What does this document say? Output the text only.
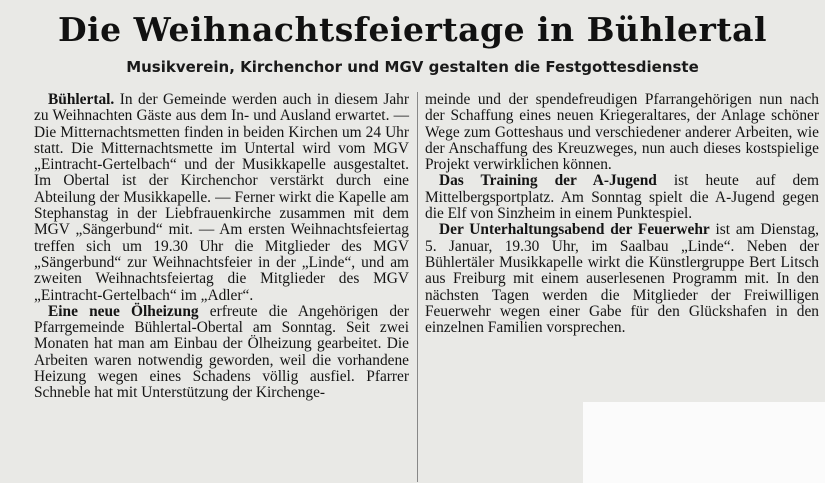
Die Weihnachtsfeiertage in Bühlertal
Musikverein, Kirchenchor und MGV gestalten die Festgottesdienste

Bühlertal. In der Gemeinde werden auch in diesem Jahr zu Weihnachten Gäste aus dem In- und Ausland erwartet. — Die Mitternachtsmetten finden in beiden Kirchen um 24 Uhr statt. Die Mitternachtsmette im Untertal wird vom MGV „Eintracht-Gertelbach“ und der Musikkapelle ausgestaltet. Im Obertal ist der Kirchenchor verstärkt durch eine Abteilung der Musikkapelle. — Ferner wirkt die Kapelle am Stephanstag in der Liebfrauenkirche zusammen mit dem MGV „Sängerbund“ mit. — Am ersten Weihnachtsfeiertag treffen sich um 19.30 Uhr die Mitglieder des MGV „Sängerbund“ zur Weihnachtsfeier in der „Linde“, und am zweiten Weihnachtsfeiertag die Mitglieder des MGV „Eintracht-Gertelbach“ im „Adler“.

Eine neue Ölheizung erfreute die Angehörigen der Pfarrgemeinde Bühlertal-Obertal am Sonntag. Seit zwei Monaten hat man am Einbau der Ölheizung gearbeitet. Die Arbeiten waren notwendig geworden, weil die vorhandene Heizung wegen eines Schadens völlig ausfiel. Pfarrer Schneble hat mit Unterstützung der Kirchenge-

meinde und der spendefreudigen Pfarrangehörigen nun nach der Schaffung eines neuen Kriegeraltares, der Anlage schöner Wege zum Gotteshaus und verschiedener anderer Arbeiten, wie der Anschaffung des Kreuzweges, nun auch dieses kostspielige Projekt verwirklichen können.

Das Training der A-Jugend ist heute auf dem Mittelbergsportplatz. Am Sonntag spielt die A-Jugend gegen die Elf von Sinzheim in einem Punktespiel.

Der Unterhaltungsabend der Feuerwehr ist am Dienstag, 5. Januar, 19.30 Uhr, im Saalbau „Linde“. Neben der Bühlertäler Musikkapelle wirkt die Künstlergruppe Bert Litsch aus Freiburg mit einem auserlesenen Programm mit. In den nächsten Tagen werden die Mitglieder der Freiwilligen Feuerwehr wegen einer Gabe für den Glückshafen in den einzelnen Familien vorsprechen.
